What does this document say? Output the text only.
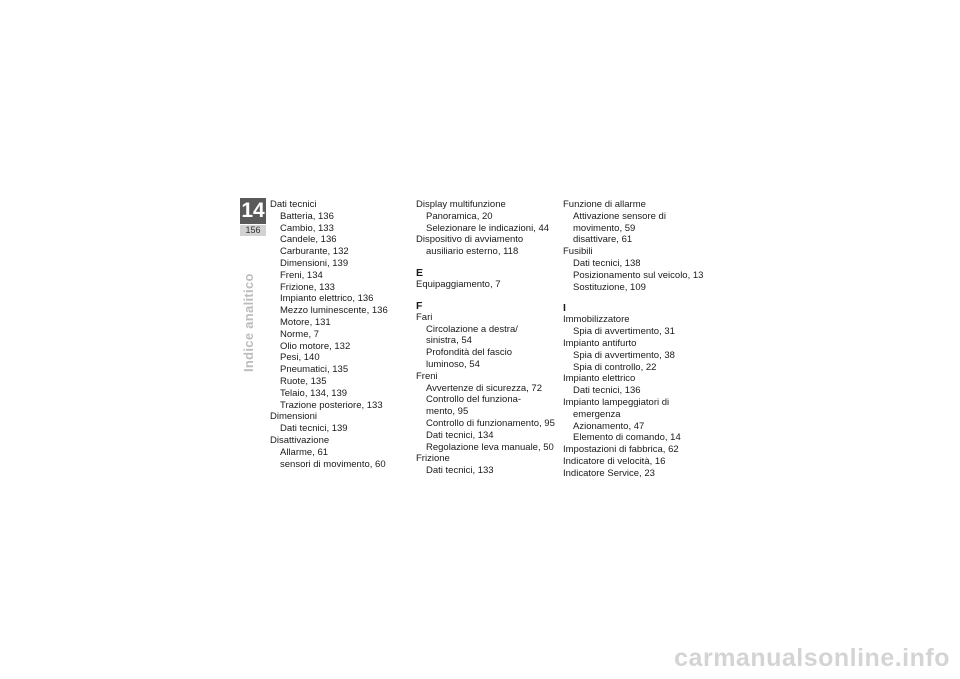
14
156
Indice analitico
Dati tecnici
Batteria, 136
Cambio, 133
Candele, 136
Carburante, 132
Dimensioni, 139
Freni, 134
Frizione, 133
Impianto elettrico, 136
Mezzo luminescente, 136
Motore, 131
Norme, 7
Olio motore, 132
Pesi, 140
Pneumatici, 135
Ruote, 135
Telaio, 134, 139
Trazione posteriore, 133
Dimensioni
Dati tecnici, 139
Disattivazione
Allarme, 61
sensori di movimento, 60
Display multifunzione
Panoramica, 20
Selezionare le indicazioni, 44
Dispositivo di avviamento
ausiliario esterno, 118
E
Equipaggiamento, 7
F
Fari
Circolazione a destra/
sinistra, 54
Profondità del fascio
luminoso, 54
Freni
Avvertenze di sicurezza, 72
Controllo del funziona-
mento, 95
Controllo di funzionamento, 95
Dati tecnici, 134
Regolazione leva manuale, 50
Frizione
Dati tecnici, 133
Funzione di allarme
Attivazione sensore di
movimento, 59
disattivare, 61
Fusibili
Dati tecnici, 138
Posizionamento sul veicolo, 13
Sostituzione, 109
I
Immobilizzatore
Spia di avvertimento, 31
Impianto antifurto
Spia di avvertimento, 38
Spia di controllo, 22
Impianto elettrico
Dati tecnici, 136
Impianto lampeggiatori di
emergenza
Azionamento, 47
Elemento di comando, 14
Impostazioni di fabbrica, 62
Indicatore di velocità, 16
Indicatore Service, 23
carmanualsonline.info
